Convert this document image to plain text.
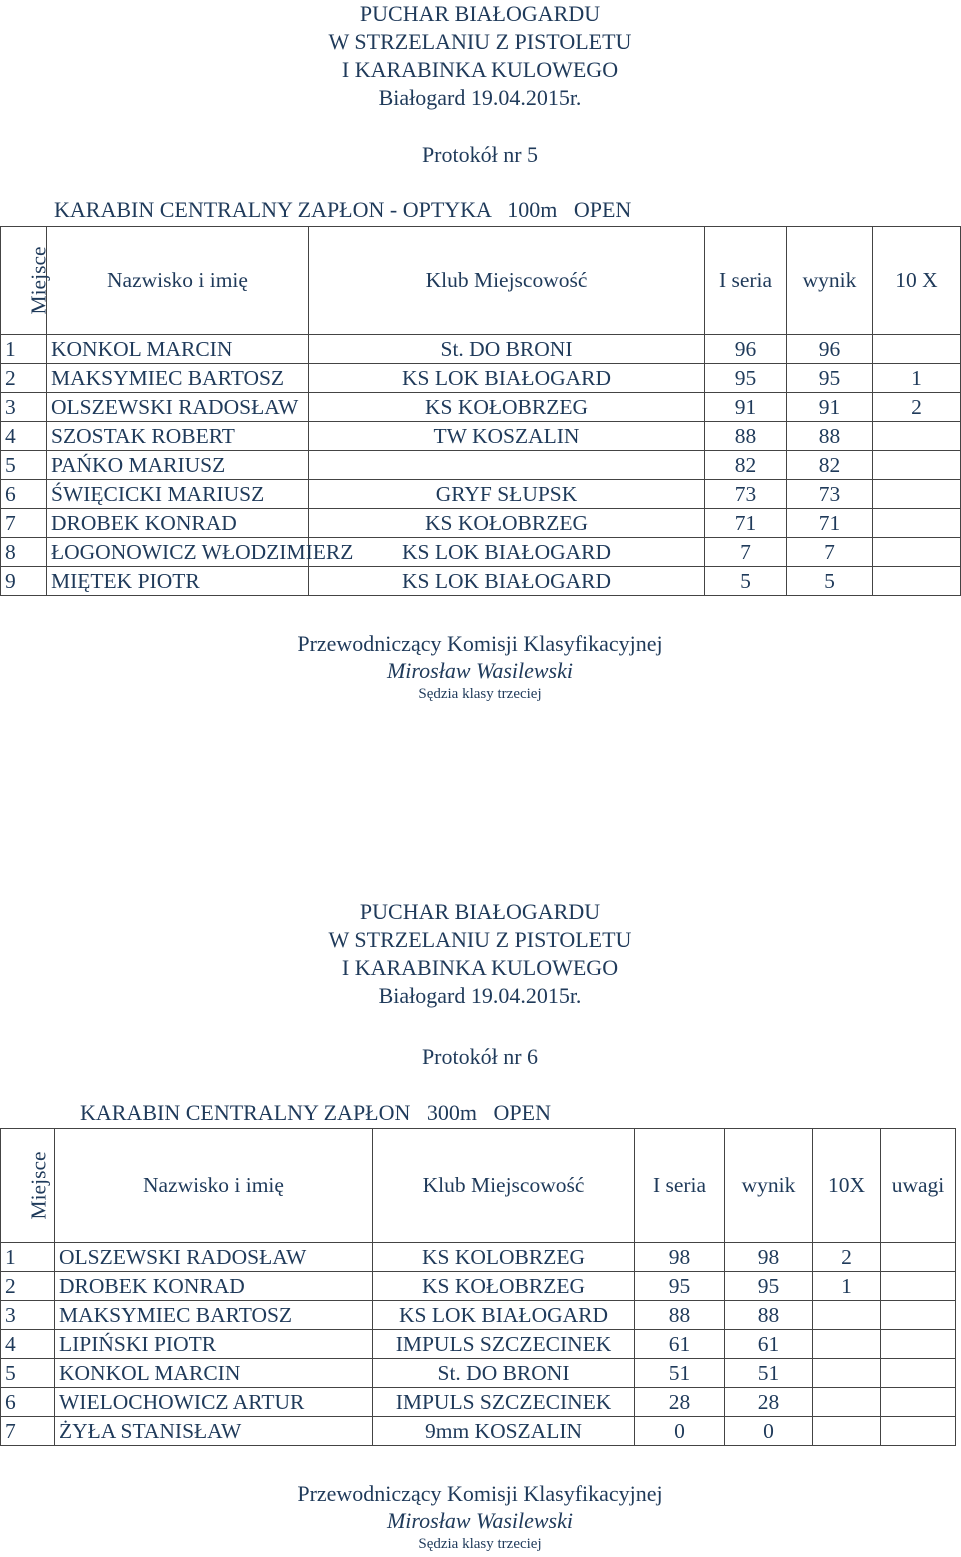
PUCHAR BIAŁOGARDU
W STRZELANIU Z PISTOLETU
I KARABINKA KULOWEGO
Białogard 19.04.2015r.
Protokół nr 5
KARABIN CENTRALNY ZAPŁON - OPTYKA   100m   OPEN
Miejsce	Nazwisko i imię	Klub Miejscowość	I seria	wynik	10 X
1	KONKOL MARCIN	St. DO BRONI	96	96	
2	MAKSYMIEC BARTOSZ	KS LOK BIAŁOGARD	95	95	1
3	OLSZEWSKI RADOSŁAW	KS KOŁOBRZEG	91	91	2
4	SZOSTAK ROBERT	TW KOSZALIN	88	88	
5	PAŃKO MARIUSZ		82	82	
6	ŚWIĘCICKI MARIUSZ	GRYF SŁUPSK	73	73	
7	DROBEK KONRAD	KS KOŁOBRZEG	71	71	
8	ŁOGONOWICZ WŁODZIMIERZ	KS LOK BIAŁOGARD	7	7	
9	MIĘTEK PIOTR	KS LOK BIAŁOGARD	5	5	
Przewodniczący Komisji Klasyfikacyjnej
Mirosław Wasilewski
Sędzia klasy trzeciej
PUCHAR BIAŁOGARDU
W STRZELANIU Z PISTOLETU
I KARABINKA KULOWEGO
Białogard 19.04.2015r.
Protokół nr 6
KARABIN CENTRALNY ZAPŁON   300m   OPEN
Miejsce	Nazwisko i imię	Klub Miejscowość	I seria	wynik	10X	uwagi
1	OLSZEWSKI RADOSŁAW	KS KOLOBRZEG	98	98	2	
2	DROBEK KONRAD	KS KOŁOBRZEG	95	95	1	
3	MAKSYMIEC BARTOSZ	KS LOK BIAŁOGARD	88	88		
4	LIPIŃSKI PIOTR	IMPULS SZCZECINEK	61	61		
5	KONKOL MARCIN	St. DO BRONI	51	51		
6	WIELOCHOWICZ ARTUR	IMPULS SZCZECINEK	28	28		
7	ŻYŁA STANISŁAW	9mm KOSZALIN	0	0		
Przewodniczący Komisji Klasyfikacyjnej
Mirosław Wasilewski
Sędzia klasy trzeciej
